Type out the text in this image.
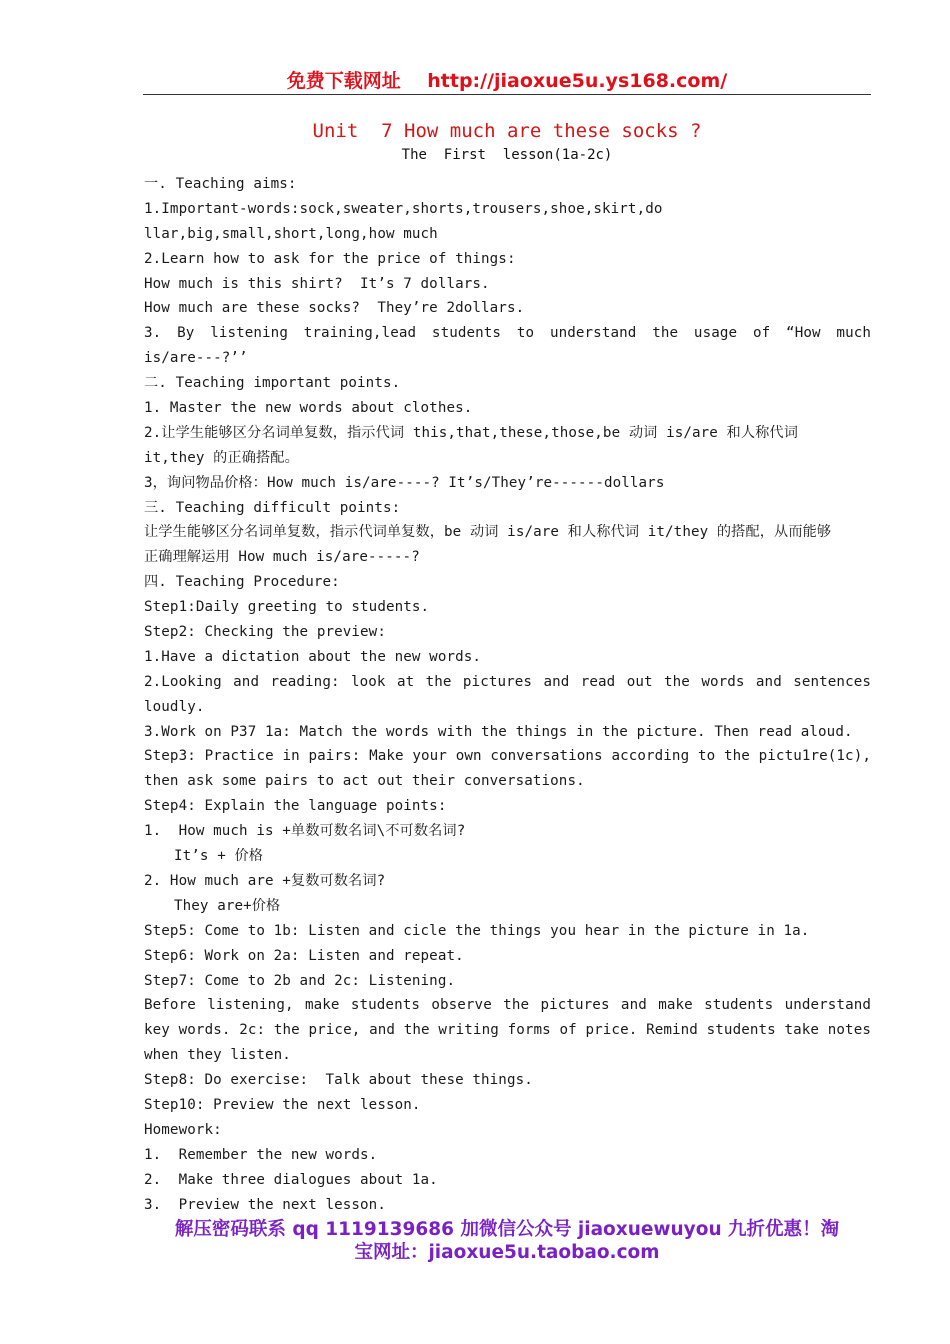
免费下载网址    http://jiaoxue5u.ys168.com/
Unit  7 How much are these socks ?
The  First  lesson(1a-2c)
一. Teaching aims:
1.Important-words:sock,sweater,shorts,trousers,shoe,skirt,do
llar,big,small,short,long,how much
2.Learn how to ask for the price of things:
How much is this shirt?  It’s 7 dollars.
How much are these socks?  They’re 2dollars.
3. By listening training,lead students to understand the usage of “How much
is/are---?’’
二. Teaching important points.
1. Master the new words about clothes.
2.让学生能够区分名词单复数，指示代词 this,that,these,those,be 动词 is/are 和人称代词
it,they 的正确搭配。
3，询问物品价格：How much is/are----? It’s/They’re------dollars
三. Teaching difficult points:
让学生能够区分名词单复数，指示代词单复数，be 动词 is/are 和人称代词 it/they 的搭配，从而能够
正确理解运用 How much is/are-----?
四. Teaching Procedure:
Step1:Daily greeting to students.
Step2: Checking the preview:
1.Have a dictation about the new words.
2.Looking and reading: look at the pictures and read out the words and sentences
loudly.
3.Work on P37 1a: Match the words with the things in the picture. Then read aloud.
Step3: Practice in pairs: Make your own conversations according to the pictu1re(1c),
then ask some pairs to act out their conversations.
Step4: Explain the language points:
1.  How much is +单数可数名词\不可数名词?
It’s + 价格
2. How much are +复数可数名词?
They are+价格
Step5: Come to 1b: Listen and cicle the things you hear in the picture in 1a.
Step6: Work on 2a: Listen and repeat.
Step7: Come to 2b and 2c: Listening.
Before listening, make students observe the pictures and make students understand
key words. 2c: the price, and the writing forms of price. Remind students take notes
when they listen.
Step8: Do exercise:  Talk about these things.
Step10: Preview the next lesson.
Homework:
1.  Remember the new words.
2.  Make three dialogues about 1a.
3.  Preview the next lesson.
解压密码联系 qq 1119139686 加微信公众号 jiaoxuewuyou 九折优惠！淘
宝网址：jiaoxue5u.taobao.com
